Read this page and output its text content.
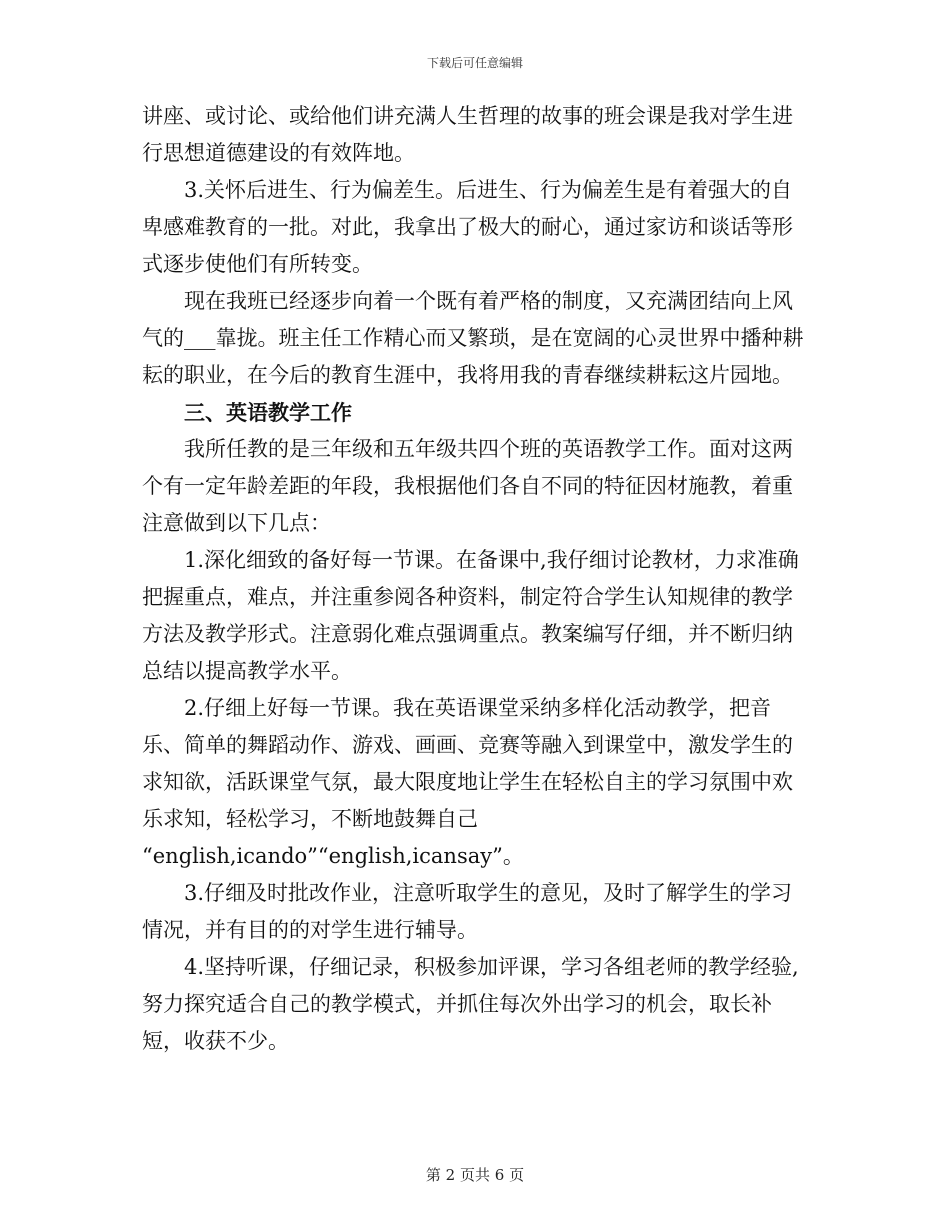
下载后可任意编辑

讲座、或讨论、或给他们讲充满人生哲理的故事的班会课是我对学生进行思想道德建设的有效阵地。

3.关怀后进生、行为偏差生。后进生、行为偏差生是有着强大的自卑感难教育的一批。对此，我拿出了极大的耐心，通过家访和谈话等形式逐步使他们有所转变。

现在我班已经逐步向着一个既有着严格的制度，又充满团结向上风气的___靠拢。班主任工作精心而又繁琐，是在宽阔的心灵世界中播种耕耘的职业，在今后的教育生涯中，我将用我的青春继续耕耘这片园地。

三、英语教学工作

我所任教的是三年级和五年级共四个班的英语教学工作。面对这两个有一定年龄差距的年段，我根据他们各自不同的特征因材施教，着重注意做到以下几点：

1.深化细致的备好每一节课。在备课中,我仔细讨论教材，力求准确把握重点，难点，并注重参阅各种资料，制定符合学生认知规律的教学方法及教学形式。注意弱化难点强调重点。教案编写仔细，并不断归纳总结以提高教学水平。

2.仔细上好每一节课。我在英语课堂采纳多样化活动教学，把音乐、简单的舞蹈动作、游戏、画画、竞赛等融入到课堂中，激发学生的求知欲，活跃课堂气氛，最大限度地让学生在轻松自主的学习氛围中欢乐求知，轻松学习，不断地鼓舞自己

“english,icando”“english,icansay”。

3.仔细及时批改作业，注意听取学生的意见，及时了解学生的学习情况，并有目的的对学生进行辅导。

4.坚持听课，仔细记录，积极参加评课，学习各组老师的教学经验,努力探究适合自己的教学模式，并抓住每次外出学习的机会，取长补短，收获不少。

第 2 页共 6 页
